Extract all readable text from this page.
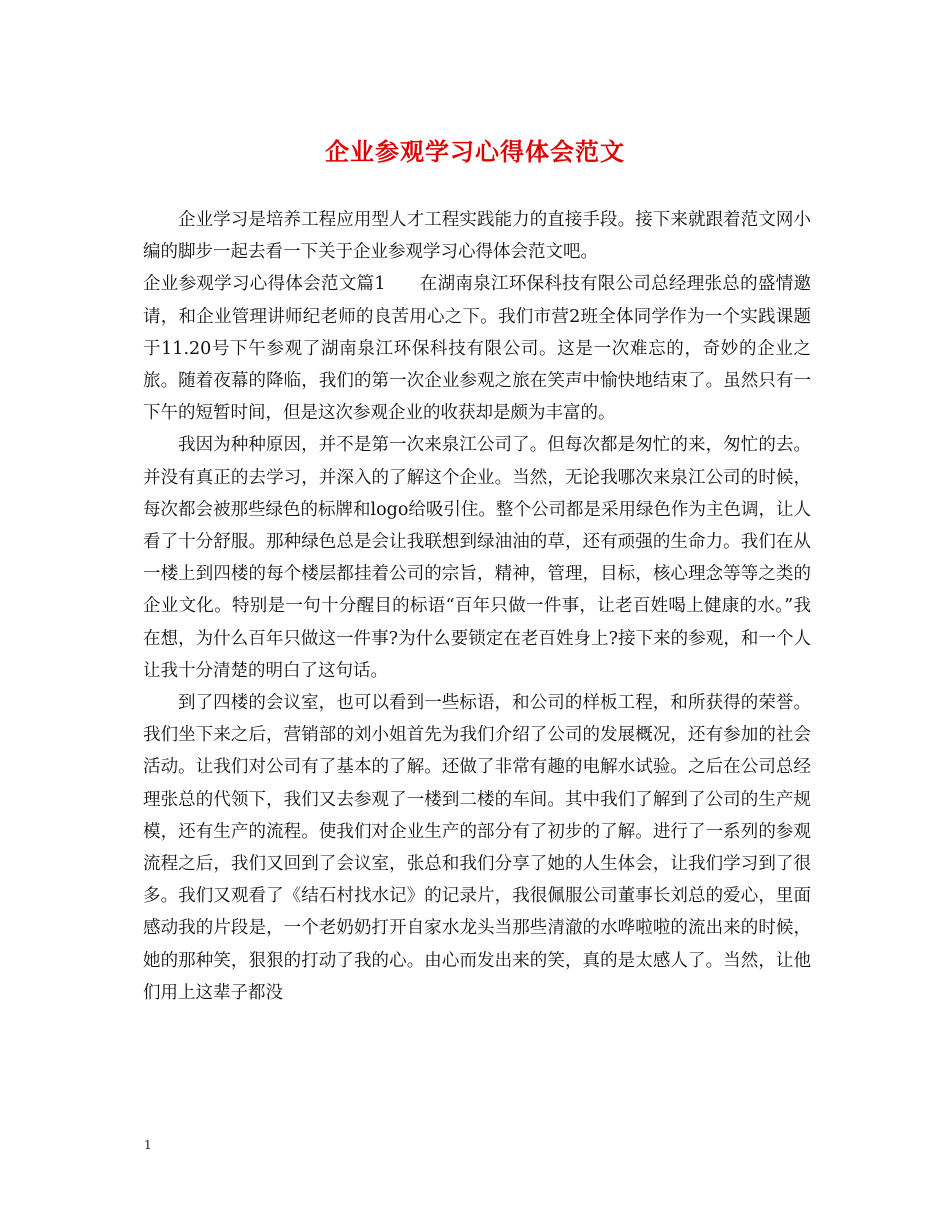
企业参观学习心得体会范文

企业学习是培养工程应用型人才工程实践能力的直接手段。接下来就跟着范文网小编的脚步一起去看一下关于企业参观学习心得体会范文吧。

企业参观学习心得体会范文篇1 在湖南泉江环保科技有限公司总经理张总的盛情邀请，和企业管理讲师纪老师的良苦用心之下。我们市营2班全体同学作为一个实践课题于11.20号下午参观了湖南泉江环保科技有限公司。这是一次难忘的，奇妙的企业之旅。随着夜幕的降临，我们的第一次企业参观之旅在笑声中愉快地结束了。虽然只有一下午的短暂时间，但是这次参观企业的收获却是颇为丰富的。

我因为种种原因，并不是第一次来泉江公司了。但每次都是匆忙的来，匆忙的去。并没有真正的去学习，并深入的了解这个企业。当然，无论我哪次来泉江公司的时候，每次都会被那些绿色的标牌和logo给吸引住。整个公司都是采用绿色作为主色调，让人看了十分舒服。那种绿色总是会让我联想到绿油油的草，还有顽强的生命力。我们在从一楼上到四楼的每个楼层都挂着公司的宗旨，精神，管理，目标，核心理念等等之类的企业文化。特别是一句十分醒目的标语“百年只做一件事，让老百姓喝上健康的水。”我在想，为什么百年只做这一件事?为什么要锁定在老百姓身上?接下来的参观，和一个人让我十分清楚的明白了这句话。

到了四楼的会议室，也可以看到一些标语，和公司的样板工程，和所获得的荣誉。我们坐下来之后，营销部的刘小姐首先为我们介绍了公司的发展概况，还有参加的社会活动。让我们对公司有了基本的了解。还做了非常有趣的电解水试验。之后在公司总经理张总的代领下，我们又去参观了一楼到二楼的车间。其中我们了解到了公司的生产规模，还有生产的流程。使我们对企业生产的部分有了初步的了解。进行了一系列的参观流程之后，我们又回到了会议室，张总和我们分享了她的人生体会，让我们学习到了很多。我们又观看了《结石村找水记》的记录片，我很佩服公司董事长刘总的爱心，里面感动我的片段是，一个老奶奶打开自家水龙头当那些清澈的水哗啦啦的流出来的时候，她的那种笑，狠狠的打动了我的心。由心而发出来的笑，真的是太感人了。当然，让他们用上这辈子都没

1
